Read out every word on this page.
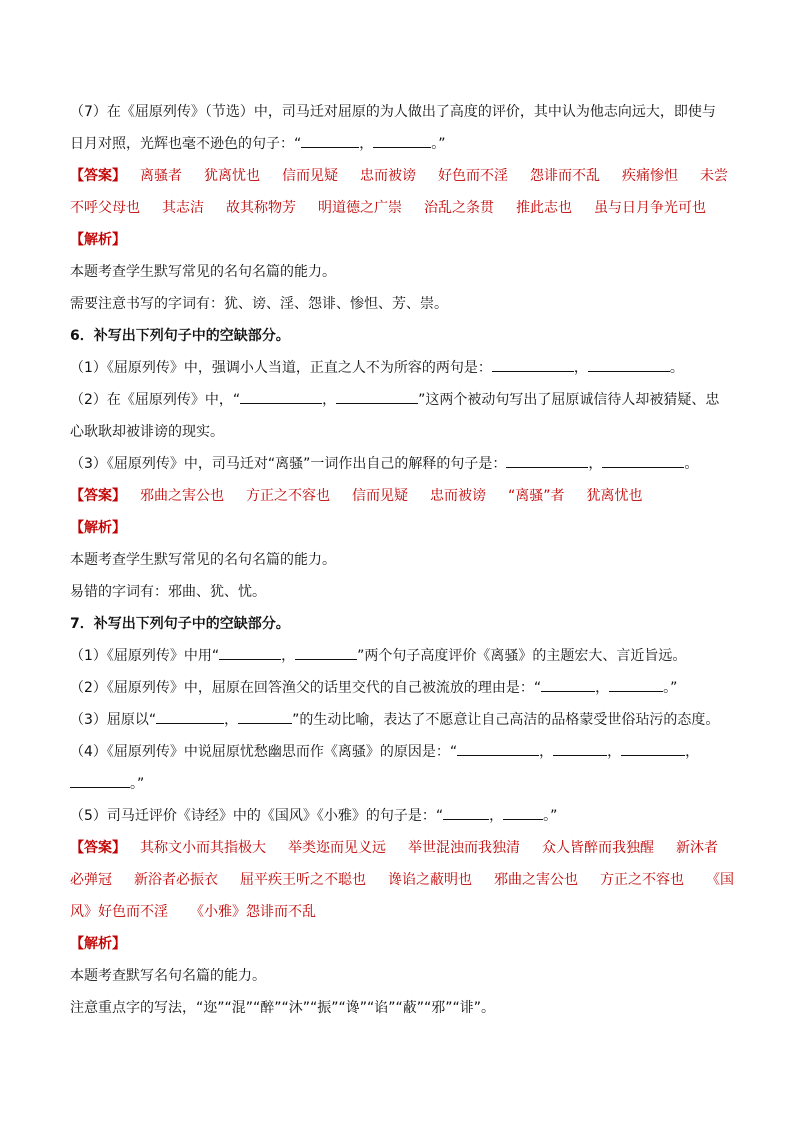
（7）在《屈原列传》（节选）中，司马迁对屈原的为人做出了高度的评价，其中认为他志向远大，即使与
日月对照，光辉也毫不逊色的句子：“	，	。”
【答案】 离骚者 犹离忧也 信而见疑 忠而被谤 好色而不淫 怨诽而不乱 疾痛惨怛 未尝
不呼父母也 其志洁 故其称物芳 明道德之广崇 治乱之条贯 推此志也 虽与日月争光可也
【解析】
本题考查学生默写常见的名句名篇的能力。
需要注意书写的字词有：犹、谤、淫、怨诽、惨怛、芳、崇。
6．补写出下列句子中的空缺部分。
（1）《屈原列传》中，强调小人当道，正直之人不为所容的两句是：	，	。
（2）在《屈原列传》中，“	，	”这两个被动句写出了屈原诚信待人却被猜疑、忠
心耿耿却被诽谤的现实。
（3）《屈原列传》中，司马迁对“离骚”一词作出自己的解释的句子是：	，	。
【答案】 邪曲之害公也 方正之不容也 信而见疑 忠而被谤 “离骚”者 犹离忧也
【解析】
本题考查学生默写常见的名句名篇的能力。
易错的字词有：邪曲、犹、忧。
7．补写出下列句子中的空缺部分。
（1）《屈原列传》中用“	，	”两个句子高度评价《离骚》的主题宏大、言近旨远。
（2）《屈原列传》中，屈原在回答渔父的话里交代的自己被流放的理由是：“	，	。”
（3）屈原以“	，	”的生动比喻，表达了不愿意让自己高洁的品格蒙受世俗玷污的态度。
（4）《屈原列传》中说屈原忧愁幽思而作《离骚》的原因是：“	，	，	，
。”
（5）司马迁评价《诗经》中的《国风》《小雅》的句子是：“	，	。”
【答案】 其称文小而其指极大 举类迩而见义远 举世混浊而我独清 众人皆醉而我独醒 新沐者
必弹冠 新浴者必振衣 屈平疾王听之不聪也 谗谄之蔽明也 邪曲之害公也 方正之不容也 《国
风》好色而不淫 《小雅》怨诽而不乱
【解析】
本题考查默写名句名篇的能力。
注意重点字的写法，“迩”“混”“醉”“沐”“振”“谗”“谄”“蔽”“邪”“诽”。
